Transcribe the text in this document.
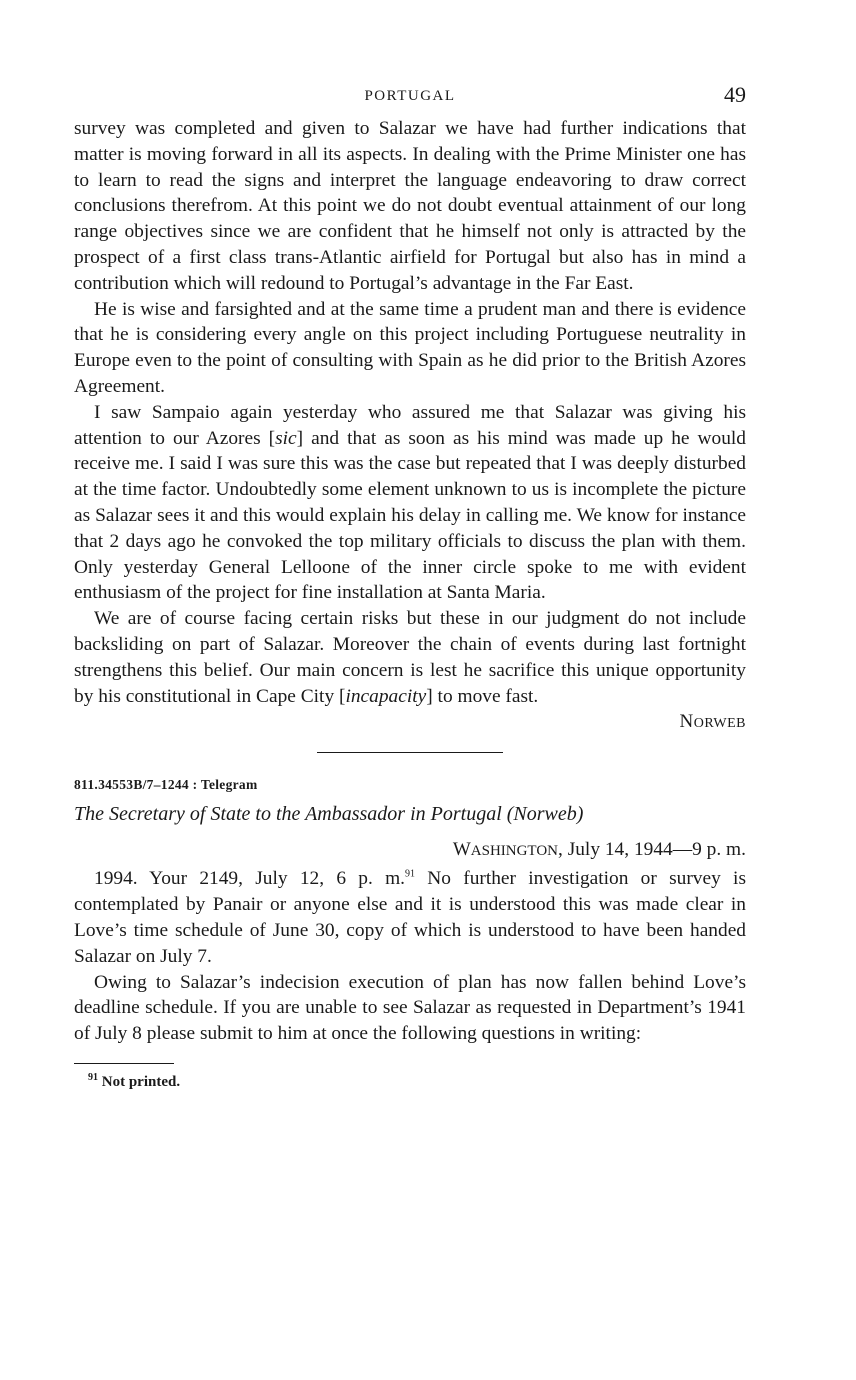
PORTUGAL	49

survey was completed and given to Salazar we have had further indications that matter is moving forward in all its aspects. In dealing with the Prime Minister one has to learn to read the signs and interpret the language endeavoring to draw correct conclusions therefrom. At this point we do not doubt eventual attainment of our long range objectives since we are confident that he himself not only is attracted by the prospect of a first class trans-Atlantic airfield for Portugal but also has in mind a contribution which will redound to Portugal’s advantage in the Far East.

He is wise and farsighted and at the same time a prudent man and there is evidence that he is considering every angle on this project including Portuguese neutrality in Europe even to the point of consulting with Spain as he did prior to the British Azores Agreement.

I saw Sampaio again yesterday who assured me that Salazar was giving his attention to our Azores [sic] and that as soon as his mind was made up he would receive me. I said I was sure this was the case but repeated that I was deeply disturbed at the time factor. Undoubtedly some element unknown to us is incomplete the picture as Salazar sees it and this would explain his delay in calling me. We know for instance that 2 days ago he convoked the top military officials to discuss the plan with them. Only yesterday General Lelloone of the inner circle spoke to me with evident enthusiasm of the project for fine installation at Santa Maria.

We are of course facing certain risks but these in our judgment do not include backsliding on part of Salazar. Moreover the chain of events during last fortnight strengthens this belief. Our main concern is lest he sacrifice this unique opportunity by his constitutional in Cape City [incapacity] to move fast.

NORWEB
811.34553B/7–1244 : Telegram
The Secretary of State to the Ambassador in Portugal (Norweb)
WASHINGTON, July 14, 1944—9 p. m.

1994. Your 2149, July 12, 6 p. m.$^{91}$ No further investigation or survey is contemplated by Panair or anyone else and it is understood this was made clear in Love’s time schedule of June 30, copy of which is understood to have been handed Salazar on July 7.

Owing to Salazar’s indecision execution of plan has now fallen behind Love’s deadline schedule. If you are unable to see Salazar as requested in Department’s 1941 of July 8 please submit to him at once the following questions in writing:

$^{91}$ Not printed.
